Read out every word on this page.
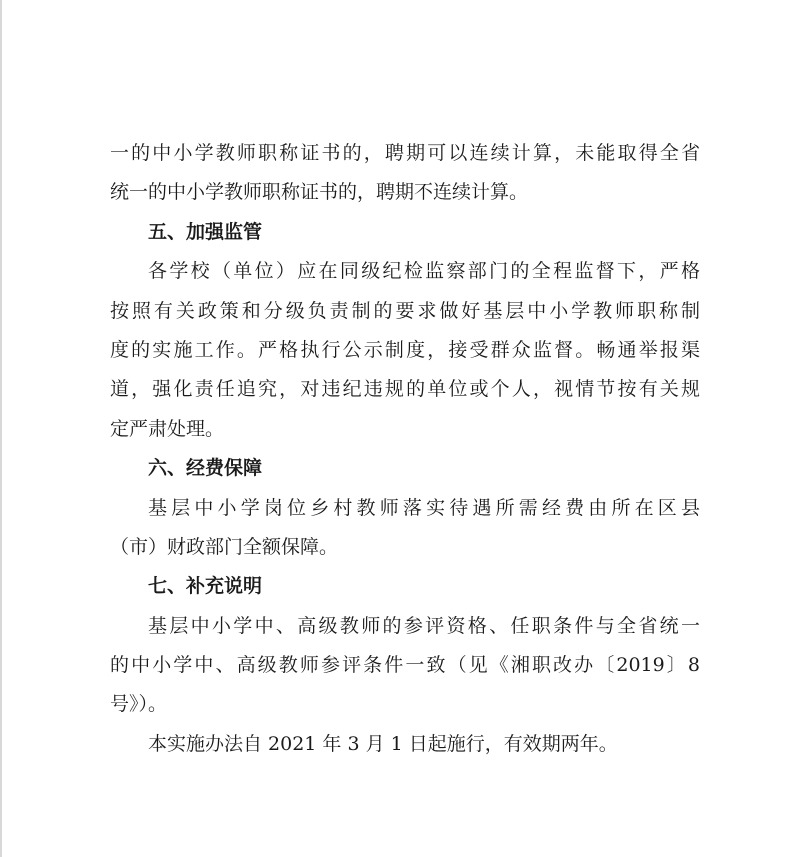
一的中小学教师职称证书的，聘期可以连续计算，未能取得全省
统一的中小学教师职称证书的，聘期不连续计算。
五、加强监管
各学校（单位）应在同级纪检监察部门的全程监督下，严格
按照有关政策和分级负责制的要求做好基层中小学教师职称制
度的实施工作。严格执行公示制度，接受群众监督。畅通举报渠
道，强化责任追究，对违纪违规的单位或个人，视情节按有关规
定严肃处理。
六、经费保障
基层中小学岗位乡村教师落实待遇所需经费由所在区县
（市）财政部门全额保障。
七、补充说明
基层中小学中、高级教师的参评资格、任职条件与全省统一
的中小学中、高级教师参评条件一致（见《湘职改办〔2019〕8
号》）。
本实施办法自 2021 年 3 月 1 日起施行，有效期两年。
